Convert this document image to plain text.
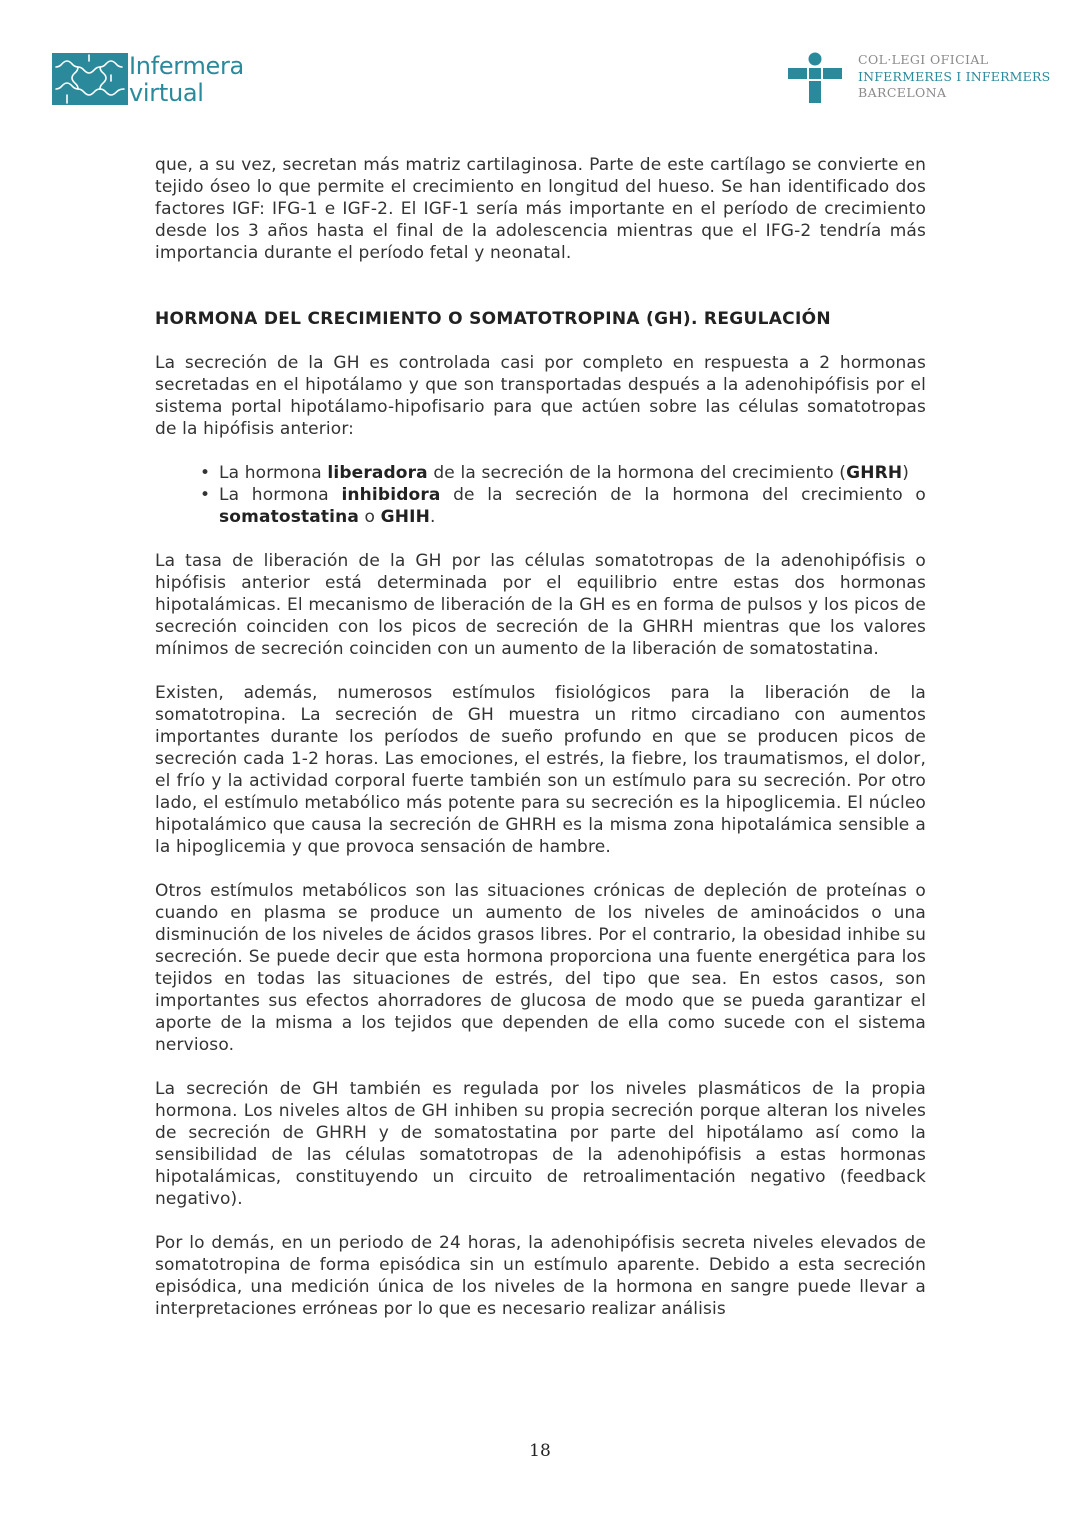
Infermera
virtual
COL·LEGI OFICIAL
INFERMERES I INFERMERS
BARCELONA

que, a su vez, secretan más matriz cartilaginosa. Parte de este cartílago se convierte en tejido óseo lo que permite el crecimiento en longitud del hueso. Se han identificado dos factores IGF: IFG-1 e IGF-2. El IGF-1 sería más importante en el período de crecimiento desde los 3 años hasta el final de la adolescencia mientras que el IFG-2 tendría más importancia durante el período fetal y neonatal.

HORMONA DEL CRECIMIENTO O SOMATOTROPINA (GH). REGULACIÓN

La secreción de la GH es controlada casi por completo en respuesta a 2 hormonas secretadas en el hipotálamo y que son transportadas después a la adenohipófisis por el sistema portal hipotálamo-hipofisario para que actúen sobre las células somatotropas de la hipófisis anterior:

• La hormona liberadora de la secreción de la hormona del crecimiento (GHRH)
• La hormona inhibidora de la secreción de la hormona del crecimiento o somatostatina o GHIH.

La tasa de liberación de la GH por las células somatotropas de la adenohipófisis o hipófisis anterior está determinada por el equilibrio entre estas dos hormonas hipotalámicas. El mecanismo de liberación de la GH es en forma de pulsos y los picos de secreción coinciden con los picos de secreción de la GHRH mientras que los valores mínimos de secreción coinciden con un aumento de la liberación de somatostatina.

Existen, además, numerosos estímulos fisiológicos para la liberación de la somatotropina. La secreción de GH muestra un ritmo circadiano con aumentos importantes durante los períodos de sueño profundo en que se producen picos de secreción cada 1-2 horas. Las emociones, el estrés, la fiebre, los traumatismos, el dolor, el frío y la actividad corporal fuerte también son un estímulo para su secreción. Por otro lado, el estímulo metabólico más potente para su secreción es la hipoglicemia. El núcleo hipotalámico que causa la secreción de GHRH es la misma zona hipotalámica sensible a la hipoglicemia y que provoca sensación de hambre.

Otros estímulos metabólicos son las situaciones crónicas de depleción de proteínas o cuando en plasma se produce un aumento de los niveles de aminoácidos o una disminución de los niveles de ácidos grasos libres. Por el contrario, la obesidad inhibe su secreción. Se puede decir que esta hormona proporciona una fuente energética para los tejidos en todas las situaciones de estrés, del tipo que sea. En estos casos, son importantes sus efectos ahorradores de glucosa de modo que se pueda garantizar el aporte de la misma a los tejidos que dependen de ella como sucede con el sistema nervioso.

La secreción de GH también es regulada por los niveles plasmáticos de la propia hormona. Los niveles altos de GH inhiben su propia secreción porque alteran los niveles de secreción de GHRH y de somatostatina por parte del hipotálamo así como la sensibilidad de las células somatotropas de la adenohipófisis a estas hormonas hipotalámicas, constituyendo un circuito de retroalimentación negativo (feedback negativo).

Por lo demás, en un periodo de 24 horas, la adenohipófisis secreta niveles elevados de somatotropina de forma episódica sin un estímulo aparente. Debido a esta secreción episódica, una medición única de los niveles de la hormona en sangre puede llevar a interpretaciones erróneas por lo que es necesario realizar análisis

18
